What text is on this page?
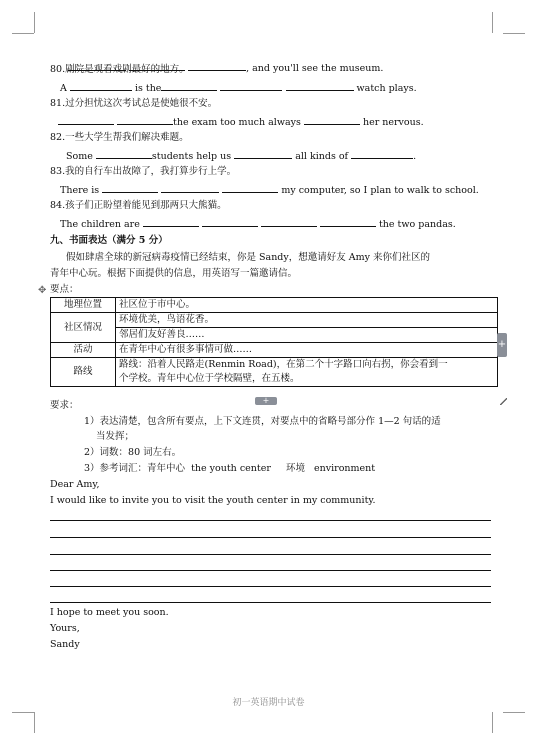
, and you'll see the museum.
80.剧院是观看戏剧最好的地方。
A	is the	watch plays.
81.过分担忧这次考试总是使她很不安。
the exam too much always	her nervous.
82.一些大学生帮我们解决难题。
Some	students help us	all kinds of	.
83.我的自行车出故障了，我打算步行上学。
There is	my computer, so I plan to walk to school.
84.孩子们正盼望着能见到那两只大熊猫。
The children are	the two pandas.
九、书面表达（满分 5 分）
假如肆虐全球的新冠病毒疫情已经结束，你是 Sandy，想邀请好友 Amy 来你们社区的
青年中心玩。根据下面提供的信息，用英语写一篇邀请信。
要点：
✥
地理位置	社区位于市中心。
社区情况	环境优美，鸟语花香。
	邻居们友好善良……
活动	在青年中心有很多事情可做……
路线	路线：沿着人民路走(Renmin Road)，在第二个十字路口向右拐，你会看到一
个学校。青年中心位于学校隔壁，在五楼。
+
+
要求：
1）表达清楚，包含所有要点，上下文连贯，对要点中的省略号部分作 1—2 句话的适
当发挥；
2）词数：80 词左右。
3）参考词汇：青年中心  the youth center     环境   environment
Dear Amy,
I would like to invite you to visit the youth center in my community.
I hope to meet you soon.
Yours,
Sandy
初一英语期中试卷
